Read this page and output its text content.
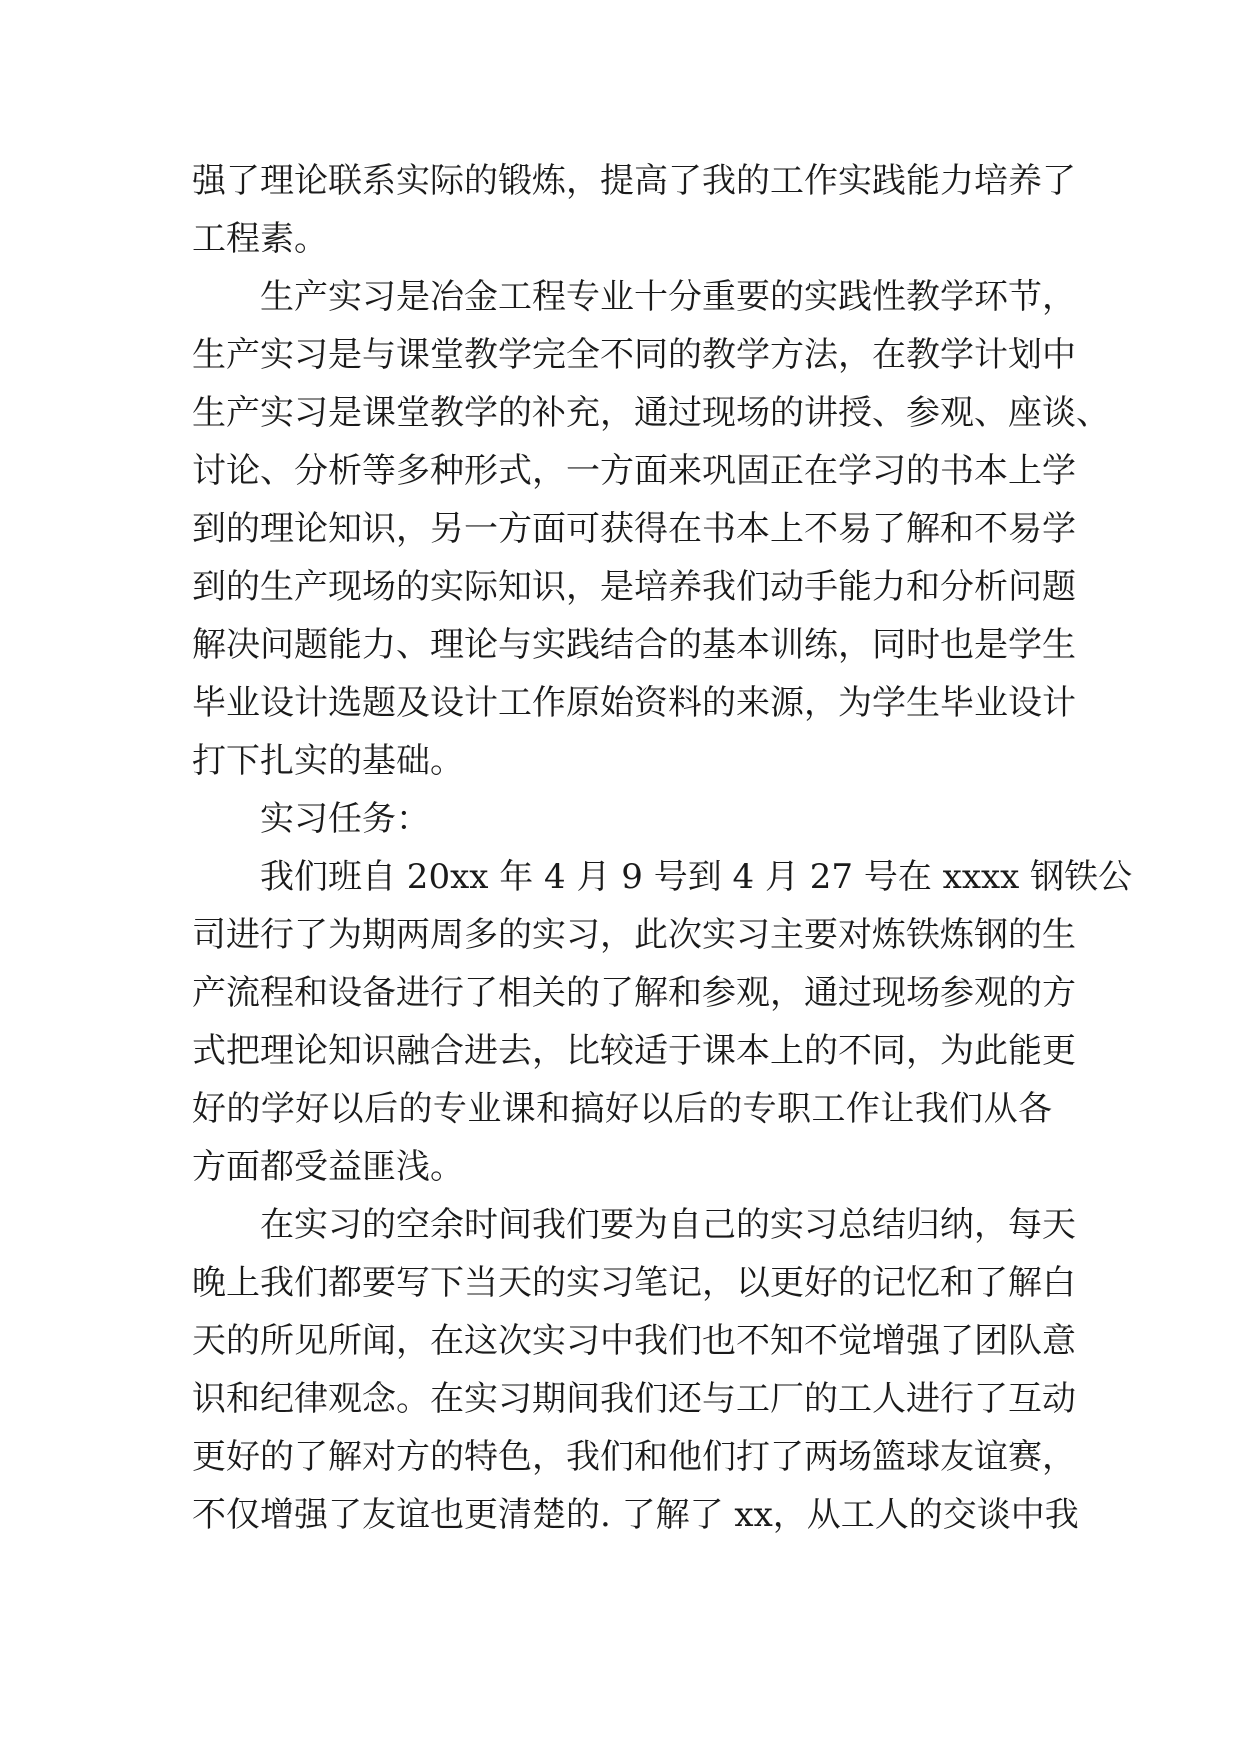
强了理论联系实际的锻炼，提高了我的工作实践能力培养了
工程素。
生产实习是冶金工程专业十分重要的实践性教学环节，
生产实习是与课堂教学完全不同的教学方法，在教学计划中
生产实习是课堂教学的补充，通过现场的讲授、参观、座谈、
讨论、分析等多种形式，一方面来巩固正在学习的书本上学
到的理论知识，另一方面可获得在书本上不易了解和不易学
到的生产现场的实际知识，是培养我们动手能力和分析问题
解决问题能力、理论与实践结合的基本训练，同时也是学生
毕业设计选题及设计工作原始资料的来源，为学生毕业设计
打下扎实的基础。
实习任务：
我们班自 20xx 年 4 月 9 号到 4 月 27 号在 xxxx 钢铁公
司进行了为期两周多的实习，此次实习主要对炼铁炼钢的生
产流程和设备进行了相关的了解和参观，通过现场参观的方
式把理论知识融合进去，比较适于课本上的不同，为此能更
好的学好以后的专业课和搞好以后的专职工作让我们从各
方面都受益匪浅。
在实习的空余时间我们要为自己的实习总结归纳，每天
晚上我们都要写下当天的实习笔记，以更好的记忆和了解白
天的所见所闻，在这次实习中我们也不知不觉增强了团队意
识和纪律观念。在实习期间我们还与工厂的工人进行了互动
更好的了解对方的特色，我们和他们打了两场篮球友谊赛，
不仅增强了友谊也更清楚的. 了解了 xx，从工人的交谈中我
